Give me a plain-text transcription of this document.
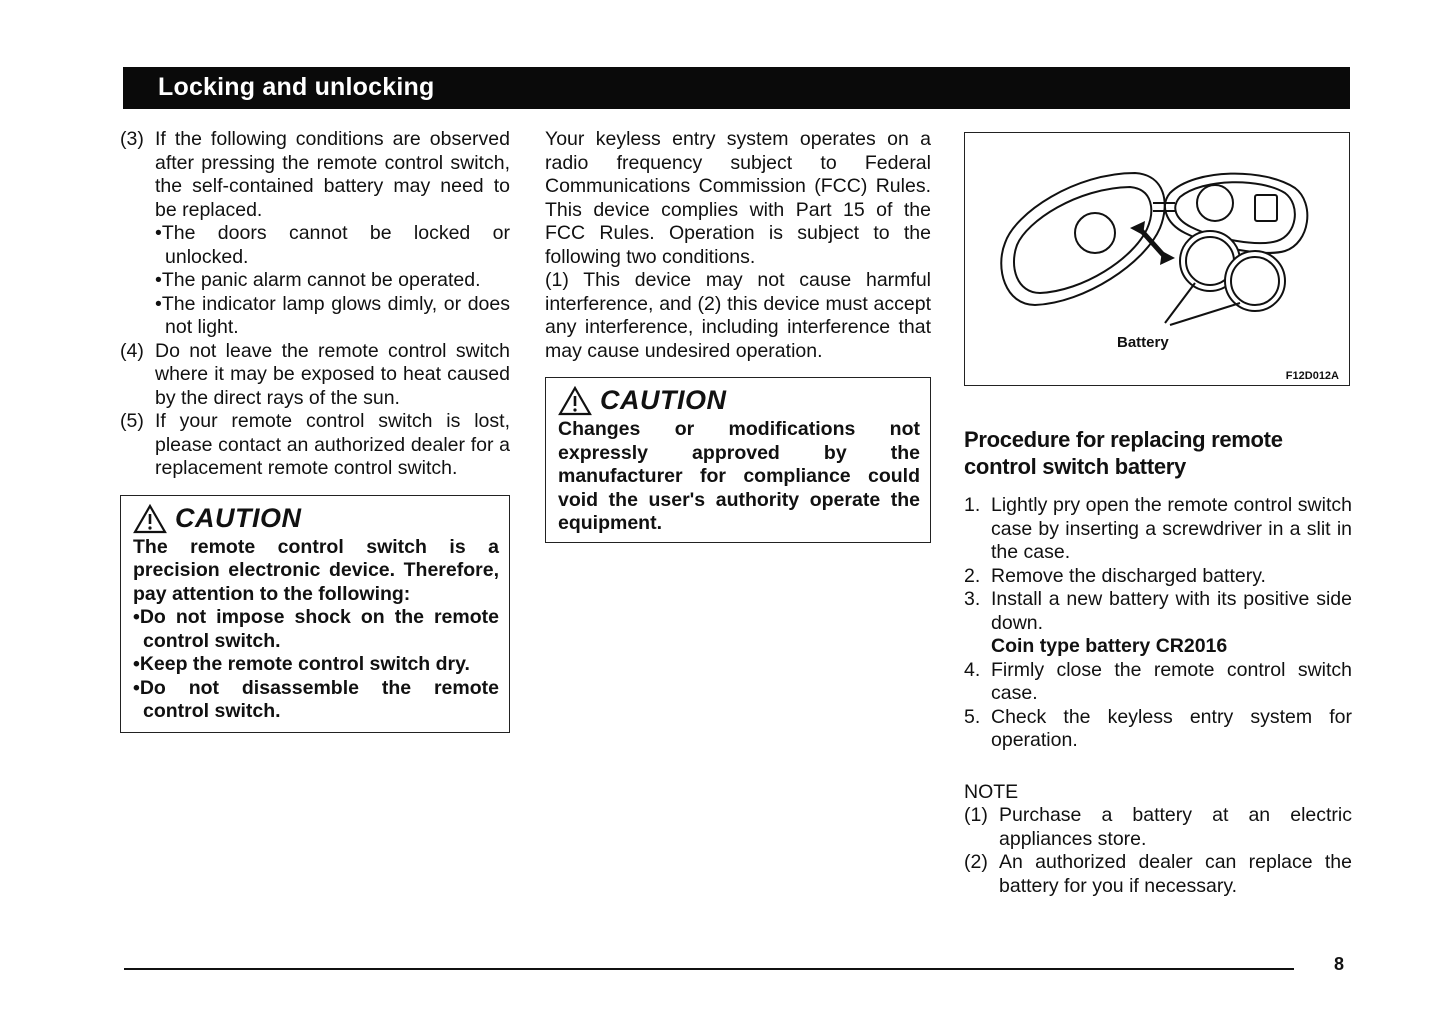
Locking and unlocking
(3) If the following conditions are observed after pressing the remote control switch, the self-contained battery may need to be replaced.

•The doors cannot be locked or unlocked.

•The panic alarm cannot be operated.

•The indicator lamp glows dimly, or does not light.

(4) Do not leave the remote control switch where it may be exposed to heat caused by the direct rays of the sun.

(5) If your remote control switch is lost, please contact an authorized dealer for a replacement remote control switch.

CAUTION

The remote control switch is a precision electronic device. Therefore, pay attention to the following:

•Do not impose shock on the remote control switch.

•Keep the remote control switch dry.

•Do not disassemble the remote control switch.

Your keyless entry system operates on a radio frequency subject to Federal Communications Commission (FCC) Rules. This device complies with Part 15 of the FCC Rules. Operation is subject to the following two conditions.

(1) This device may not cause harmful interference, and (2) this device must accept any interference, including interference that may cause undesired operation.

CAUTION

Changes or modifications not expressly approved by the manufacturer for compliance could void the user's authority operate the equipment.

Battery
F12D012A
Procedure for replacing remote control switch battery
1. Lightly pry open the remote control switch case by inserting a screwdriver in a slit in the case.

2. Remove the discharged battery.

3. Install a new battery with its positive side down.

Coin type battery CR2016

4. Firmly close the remote control switch case.

5. Check the keyless entry system for operation.

NOTE

(1) Purchase a battery at an electric appliances store.

(2) An authorized dealer can replace the battery for you if necessary.

8
